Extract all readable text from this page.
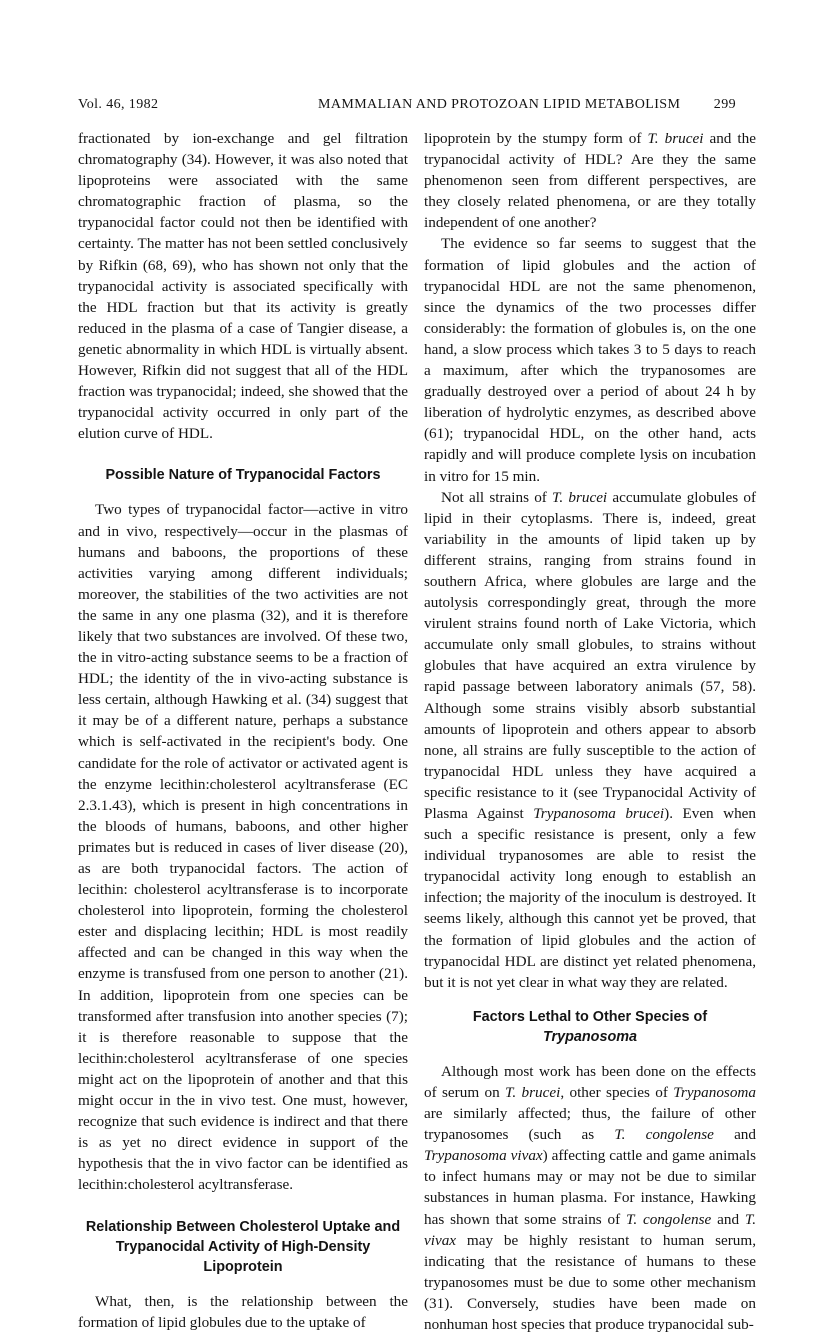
Vol. 46, 1982	MAMMALIAN AND PROTOZOAN LIPID METABOLISM 299

fractionated by ion-exchange and gel filtration chromatography (34). However, it was also noted that lipoproteins were associated with the same chromatographic fraction of plasma, so the trypanocidal factor could not then be identified with certainty. The matter has not been settled conclusively by Rifkin (68, 69), who has shown not only that the trypanocidal activity is associated specifically with the HDL fraction but that its activity is greatly reduced in the plasma of a case of Tangier disease, a genetic abnormality in which HDL is virtually absent. However, Rifkin did not suggest that all of the HDL fraction was trypanocidal; indeed, she showed that the trypanocidal activity occurred in only part of the elution curve of HDL.

Possible Nature of Trypanocidal Factors

Two types of trypanocidal factor—active in vitro and in vivo, respectively—occur in the plasmas of humans and baboons, the proportions of these activities varying among different individuals; moreover, the stabilities of the two activities are not the same in any one plasma (32), and it is therefore likely that two substances are involved. Of these two, the in vitro-acting substance seems to be a fraction of HDL; the identity of the in vivo-acting substance is less certain, although Hawking et al. (34) suggest that it may be of a different nature, perhaps a substance which is self-activated in the recipient's body. One candidate for the role of activator or activated agent is the enzyme lecithin:cholesterol acyltransferase (EC 2.3.1.43), which is present in high concentrations in the bloods of humans, baboons, and other higher primates but is reduced in cases of liver disease (20), as are both trypanocidal factors. The action of lecithin: cholesterol acyltransferase is to incorporate cholesterol into lipoprotein, forming the cholesterol ester and displacing lecithin; HDL is most readily affected and can be changed in this way when the enzyme is transfused from one person to another (21). In addition, lipoprotein from one species can be transformed after transfusion into another species (7); it is therefore reasonable to suppose that the lecithin:cholesterol acyltransferase of one species might act on the lipoprotein of another and that this might occur in the in vivo test. One must, however, recognize that such evidence is indirect and that there is as yet no direct evidence in support of the hypothesis that the in vivo factor can be identified as lecithin:cholesterol acyltransferase.

Relationship Between Cholesterol Uptake and Trypanocidal Activity of High-Density Lipoprotein

What, then, is the relationship between the formation of lipid globules due to the uptake of

lipoprotein by the stumpy form of T. brucei and the trypanocidal activity of HDL? Are they the same phenomenon seen from different perspectives, are they closely related phenomena, or are they totally independent of one another?

The evidence so far seems to suggest that the formation of lipid globules and the action of trypanocidal HDL are not the same phenomenon, since the dynamics of the two processes differ considerably: the formation of globules is, on the one hand, a slow process which takes 3 to 5 days to reach a maximum, after which the trypanosomes are gradually destroyed over a period of about 24 h by liberation of hydrolytic enzymes, as described above (61); trypanocidal HDL, on the other hand, acts rapidly and will produce complete lysis on incubation in vitro for 15 min.

Not all strains of T. brucei accumulate globules of lipid in their cytoplasms. There is, indeed, great variability in the amounts of lipid taken up by different strains, ranging from strains found in southern Africa, where globules are large and the autolysis correspondingly great, through the more virulent strains found north of Lake Victoria, which accumulate only small globules, to strains without globules that have acquired an extra virulence by rapid passage between laboratory animals (57, 58). Although some strains visibly absorb substantial amounts of lipoprotein and others appear to absorb none, all strains are fully susceptible to the action of trypanocidal HDL unless they have acquired a specific resistance to it (see Trypanocidal Activity of Plasma Against Trypanosoma brucei). Even when such a specific resistance is present, only a few individual trypanosomes are able to resist the trypanocidal activity long enough to establish an infection; the majority of the inoculum is destroyed. It seems likely, although this cannot yet be proved, that the formation of lipid globules and the action of trypanocidal HDL are distinct yet related phenomena, but it is not yet clear in what way they are related.

Factors Lethal to Other Species of Trypanosoma

Although most work has been done on the effects of serum on T. brucei, other species of Trypanosoma are similarly affected; thus, the failure of other trypanosomes (such as T. congolense and Trypanosoma vivax) affecting cattle and game animals to infect humans may or may not be due to similar substances in human plasma. For instance, Hawking has shown that some strains of T. congolense and T. vivax may be highly resistant to human serum, indicating that the resistance of humans to these trypanosomes must be due to some other mechanism (31). Conversely, studies have been made on nonhuman host species that produce trypanocidal sub-
